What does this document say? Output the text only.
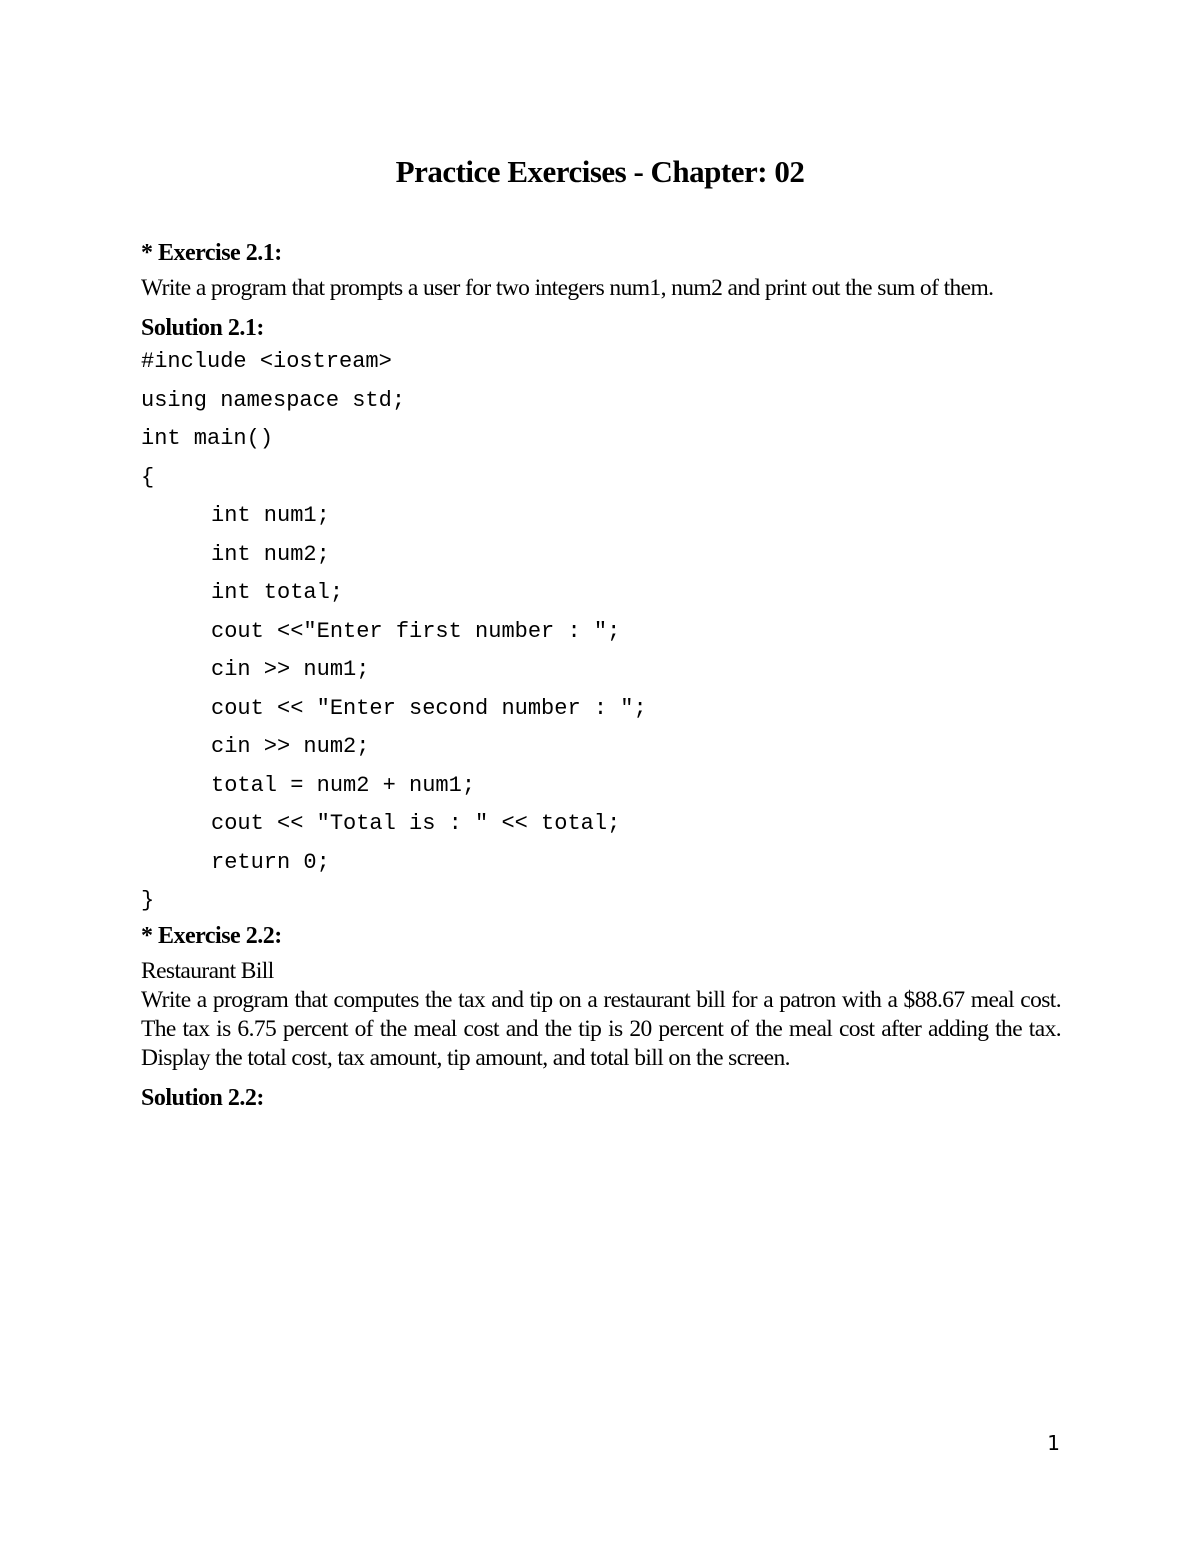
Practice Exercises - Chapter: 02

* Exercise 2.1:

Write a program that prompts a user for two integers num1, num2 and print out the sum of them.

Solution 2.1:

#include <iostream>
using namespace std;
int main()
{
int num1;
int num2;
int total;
cout <<"Enter first number : ";
cin >> num1;
cout << "Enter second number : ";
cin >> num2;
total = num2 + num1;
cout << "Total is : " << total;
return 0;
}

* Exercise 2.2:

Restaurant Bill

Write a program that computes the tax and tip on a restaurant bill for a patron with a $88.67 meal cost. The tax is 6.75 percent of the meal cost and the tip is 20 percent of the meal cost after adding the tax. Display the total cost, tax amount, tip amount, and total bill on the screen.

Solution 2.2:

1
